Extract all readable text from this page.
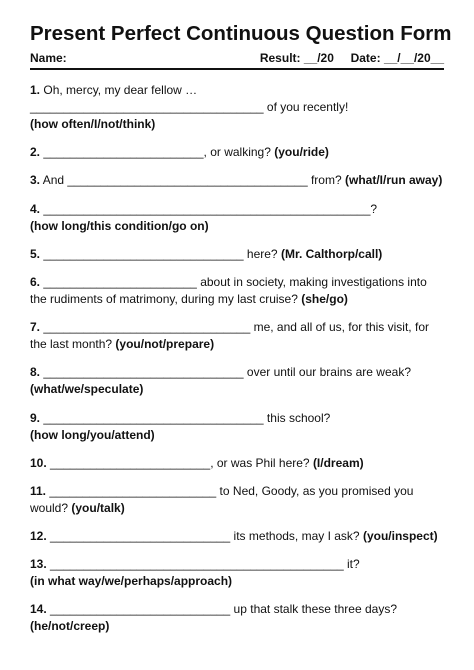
Present Perfect Continuous Question Form
Name:	Result: __/20 Date: __/__/20__
1. Oh, mercy, my dear fellow …
___________________________________ of you recently!
(how often/I/not/think)
2. ________________________, or walking? (you/ride)
3. And ____________________________________ from? (what/I/run away)
4. _________________________________________________?
(how long/this condition/go on)
5. ______________________________ here? (Mr. Calthorp/call)
6. _______________________ about in society, making investigations into the rudiments of matrimony, during my last cruise? (she/go)
7. _______________________________ me, and all of us, for this visit, for the last month? (you/not/prepare)
8. ______________________________ over until our brains are weak?
(what/we/speculate)
9. _________________________________ this school?
(how long/you/attend)
10. ________________________, or was Phil here? (I/dream)
11. _________________________ to Ned, Goody, as you promised you would? (you/talk)
12. ___________________________ its methods, may I ask? (you/inspect)
13. ____________________________________________ it?
(in what way/we/perhaps/approach)
14. ___________________________ up that stalk these three days?
(he/not/creep)
